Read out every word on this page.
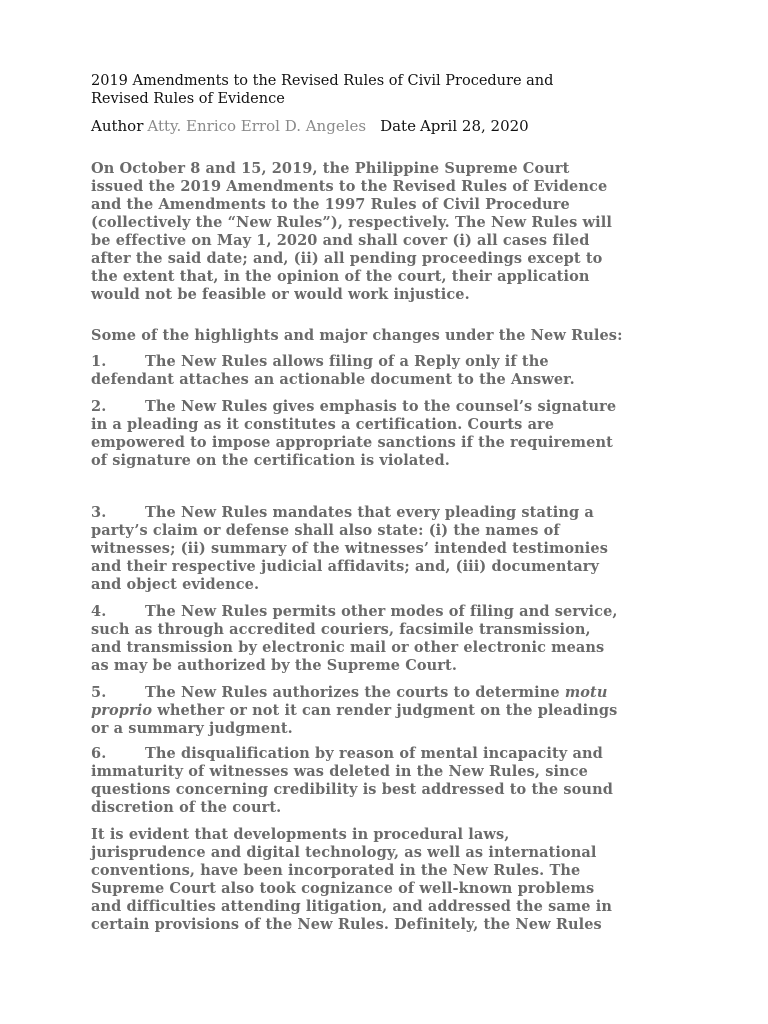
2019 Amendments to the Revised Rules of Civil Procedure and
Revised Rules of Evidence
Author Atty. Enrico Errol D. Angeles Date April 28, 2020
On October 8 and 15, 2019, the Philippine Supreme Court
issued the 2019 Amendments to the Revised Rules of Evidence
and the Amendments to the 1997 Rules of Civil Procedure
(collectively the “New Rules”), respectively. The New Rules will
be effective on May 1, 2020 and shall cover (i) all cases filed
after the said date; and, (ii) all pending proceedings except to
the extent that, in the opinion of the court, their application
would not be feasible or would work injustice.
Some of the highlights and major changes under the New Rules:
1.	The New Rules allows filing of a Reply only if the
defendant attaches an actionable document to the Answer.
2.	The New Rules gives emphasis to the counsel’s signature
in a pleading as it constitutes a certification. Courts are
empowered to impose appropriate sanctions if the requirement
of signature on the certification is violated.
3.	The New Rules mandates that every pleading stating a
party’s claim or defense shall also state: (i) the names of
witnesses; (ii) summary of the witnesses’ intended testimonies
and their respective judicial affidavits; and, (iii) documentary
and object evidence.
4.	The New Rules permits other modes of filing and service,
such as through accredited couriers, facsimile transmission,
and transmission by electronic mail or other electronic means
as may be authorized by the Supreme Court.
5.	The New Rules authorizes the courts to determine motu
proprio whether or not it can render judgment on the pleadings
or a summary judgment.
6.	The disqualification by reason of mental incapacity and
immaturity of witnesses was deleted in the New Rules, since
questions concerning credibility is best addressed to the sound
discretion of the court.
It is evident that developments in procedural laws,
jurisprudence and digital technology, as well as international
conventions, have been incorporated in the New Rules. The
Supreme Court also took cognizance of well-known problems
and difficulties attending litigation, and addressed the same in
certain provisions of the New Rules. Definitely, the New Rules
